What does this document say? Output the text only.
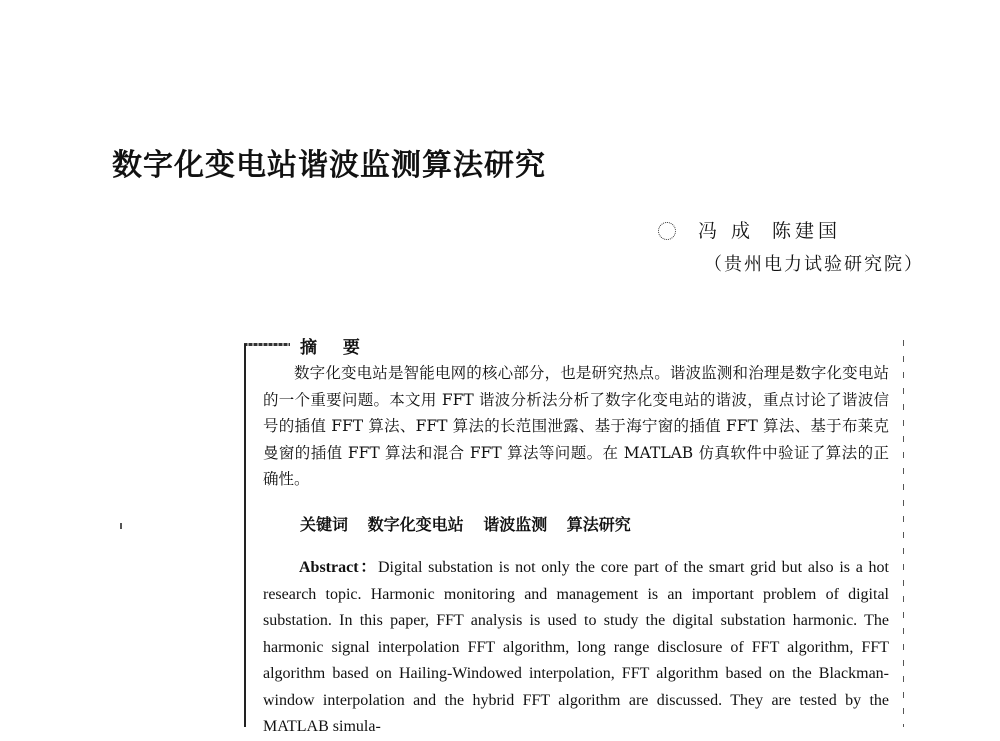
数字化变电站谐波监测算法研究
冯 成 陈建国
（贵州电力试验研究院）
摘 要

数字化变电站是智能电网的核心部分，也是研究热点。谐波监测和治理是数字化变电站的一个重要问题。本文用 FFT 谐波分析法分析了数字化变电站的谐波，重点讨论了谐波信号的插值 FFT 算法、FFT 算法的长范围泄露、基于海宁窗的插值 FFT 算法、基于布莱克曼窗的插值 FFT 算法和混合 FFT 算法等问题。在 MATLAB 仿真软件中验证了算法的正确性。

关键词 数字化变电站 谐波监测 算法研究

Abstract：Digital substation is not only the core part of the smart grid but also is a hot research topic. Harmonic monitoring and management is an important problem of digital substation. In this paper, FFT analysis is used to study the digital substation harmonic. The harmonic signal interpolation FFT algorithm, long range disclosure of FFT algorithm, FFT algorithm based on Hailing-Windowed interpolation, FFT algorithm based on the Blackman-window interpolation and the hybrid FFT algorithm are discussed. They are tested by the MATLAB simula-
